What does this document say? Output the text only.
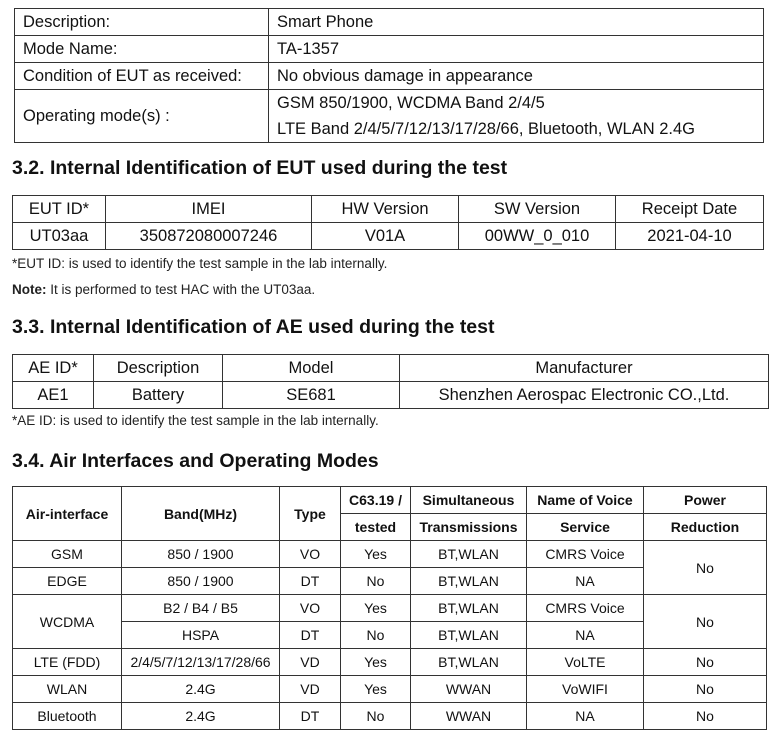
Description:	Smart Phone
Mode Name:	TA-1357
Condition of EUT as received:	No obvious damage in appearance
Operating mode(s) :	GSM 850/1900, WCDMA Band 2/4/5
LTE Band 2/4/5/7/12/13/17/28/66, Bluetooth, WLAN 2.4G
3.2. Internal Identification of EUT used during the test
EUT ID*	IMEI	HW Version	SW Version	Receipt Date
UT03aa	350872080007246	V01A	00WW_0_010	2021-04-10

*EUT ID: is used to identify the test sample in the lab internally.

Note: It is performed to test HAC with the UT03aa.

3.3. Internal Identification of AE used during the test
AE ID*	Description	Model	Manufacturer
AE1	Battery	SE681	Shenzhen Aerospac Electronic CO.,Ltd.

*AE ID: is used to identify the test sample in the lab internally.

3.4. Air Interfaces and Operating Modes
Air-interface	Band(MHz)	Type	C63.19 /	Simultaneous	Name of Voice	Power
			tested	Transmissions	Service	Reduction
GSM	850 / 1900	VO	Yes	BT,WLAN	CMRS Voice	No
EDGE	850 / 1900	DT	No	BT,WLAN	NA	
WCDMA	B2 / B4 / B5	VO	Yes	BT,WLAN	CMRS Voice	No
	HSPA	DT	No	BT,WLAN	NA	
LTE (FDD)	2/4/5/7/12/13/17/28/66	VD	Yes	BT,WLAN	VoLTE	No
WLAN	2.4G	VD	Yes	WWAN	VoWIFI	No
Bluetooth	2.4G	DT	No	WWAN	NA	No
